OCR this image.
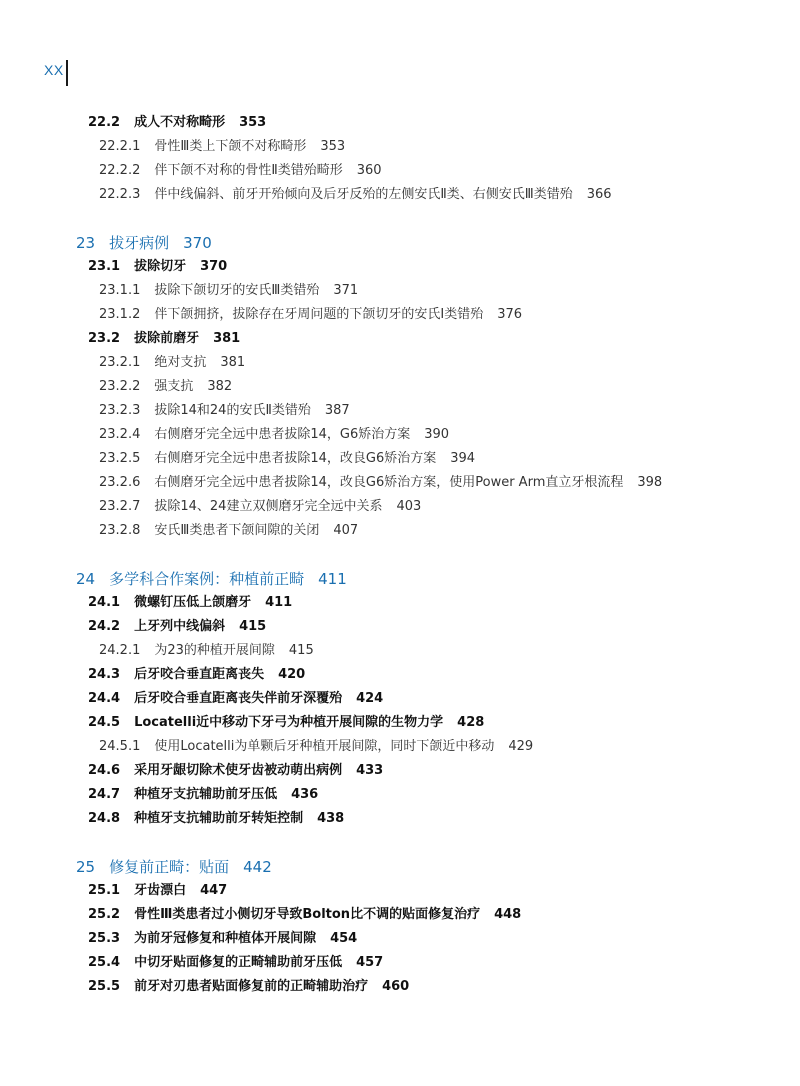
XX
22.2 成人不对称畸形 353
22.2.1 骨性Ⅲ类上下颌不对称畸形 353
22.2.2 伴下颌不对称的骨性Ⅱ类错殆畸形 360
22.2.3 伴中线偏斜、前牙开殆倾向及后牙反殆的左侧安氏Ⅱ类、右侧安氏Ⅲ类错殆 366
23 拔牙病例 370
23.1 拔除切牙 370
23.1.1 拔除下颌切牙的安氏Ⅲ类错殆 371
23.1.2 伴下颌拥挤，拔除存在牙周问题的下颌切牙的安氏Ⅰ类错殆 376
23.2 拔除前磨牙 381
23.2.1 绝对支抗 381
23.2.2 强支抗 382
23.2.3 拔除14和24的安氏Ⅱ类错殆 387
23.2.4 右侧磨牙完全远中患者拔除14，G6矫治方案 390
23.2.5 右侧磨牙完全远中患者拔除14，改良G6矫治方案 394
23.2.6 右侧磨牙完全远中患者拔除14，改良G6矫治方案，使用Power Arm直立牙根流程 398
23.2.7 拔除14、24建立双侧磨牙完全远中关系 403
23.2.8 安氏Ⅲ类患者下颌间隙的关闭 407
24 多学科合作案例：种植前正畸 411
24.1 微螺钉压低上颌磨牙 411
24.2 上牙列中线偏斜 415
24.2.1 为23的种植开展间隙 415
24.3 后牙咬合垂直距离丧失 420
24.4 后牙咬合垂直距离丧失伴前牙深覆殆 424
24.5 Locatelli近中移动下牙弓为种植开展间隙的生物力学 428
24.5.1 使用Locatelli为单颗后牙种植开展间隙，同时下颌近中移动 429
24.6 采用牙龈切除术使牙齿被动萌出病例 433
24.7 种植牙支抗辅助前牙压低 436
24.8 种植牙支抗辅助前牙转矩控制 438
25 修复前正畸：贴面 442
25.1 牙齿漂白 447
25.2 骨性Ⅲ类患者过小侧切牙导致Bolton比不调的贴面修复治疗 448
25.3 为前牙冠修复和种植体开展间隙 454
25.4 中切牙贴面修复的正畸辅助前牙压低 457
25.5 前牙对刃患者贴面修复前的正畸辅助治疗 460
